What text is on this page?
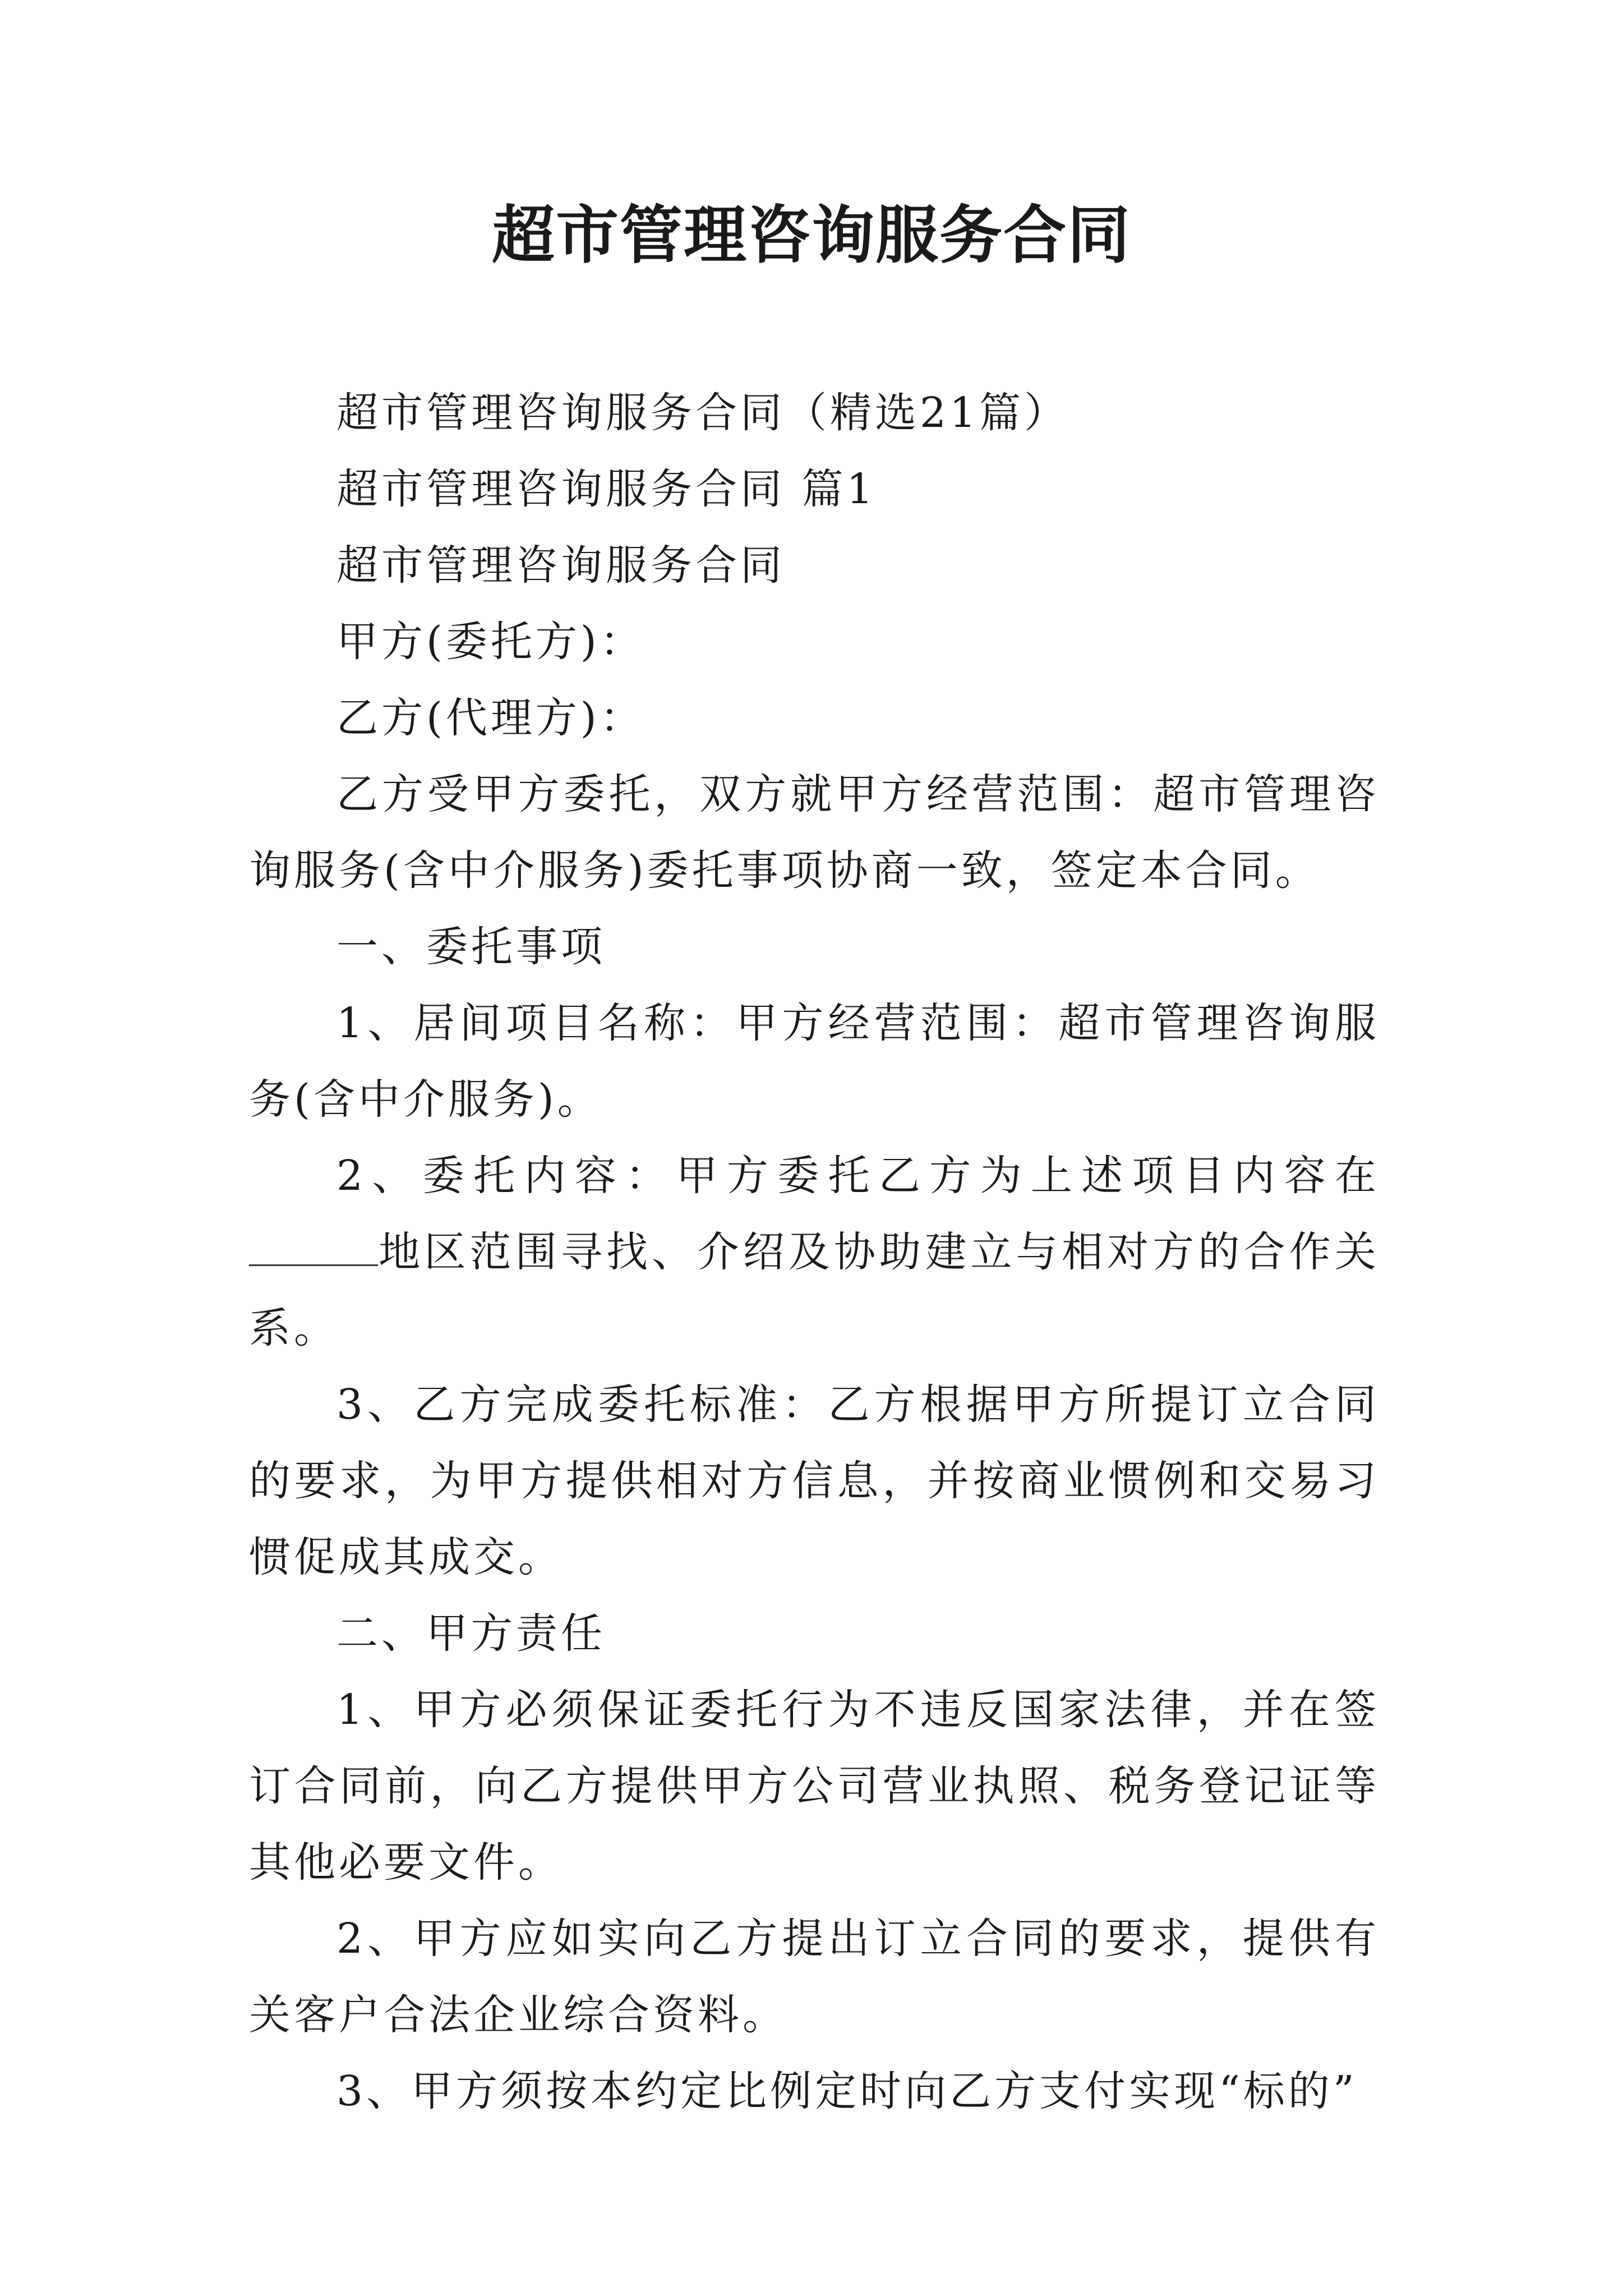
超市管理咨询服务合同

超市管理咨询服务合同（精选21篇）

超市管理咨询服务合同 篇1

超市管理咨询服务合同

甲方(委托方)：

乙方(代理方)：

乙方受甲方委托，双方就甲方经营范围：超市管理咨询服务(含中介服务)委托事项协商一致，签定本合同。

一、委托事项

1、居间项目名称：甲方经营范围：超市管理咨询服务(含中介服务)。

2、委托内容：甲方委托乙方为上述项目内容在地区范围寻找、介绍及协助建立与相对方的合作关系。

3、乙方完成委托标准：乙方根据甲方所提订立合同的要求，为甲方提供相对方信息，并按商业惯例和交易习惯促成其成交。

二、甲方责任

1、甲方必须保证委托行为不违反国家法律，并在签订合同前，向乙方提供甲方公司营业执照、税务登记证等其他必要文件。

2、甲方应如实向乙方提出订立合同的要求，提供有关客户合法企业综合资料。

3、甲方须按本约定比例定时向乙方支付实现“标的”
